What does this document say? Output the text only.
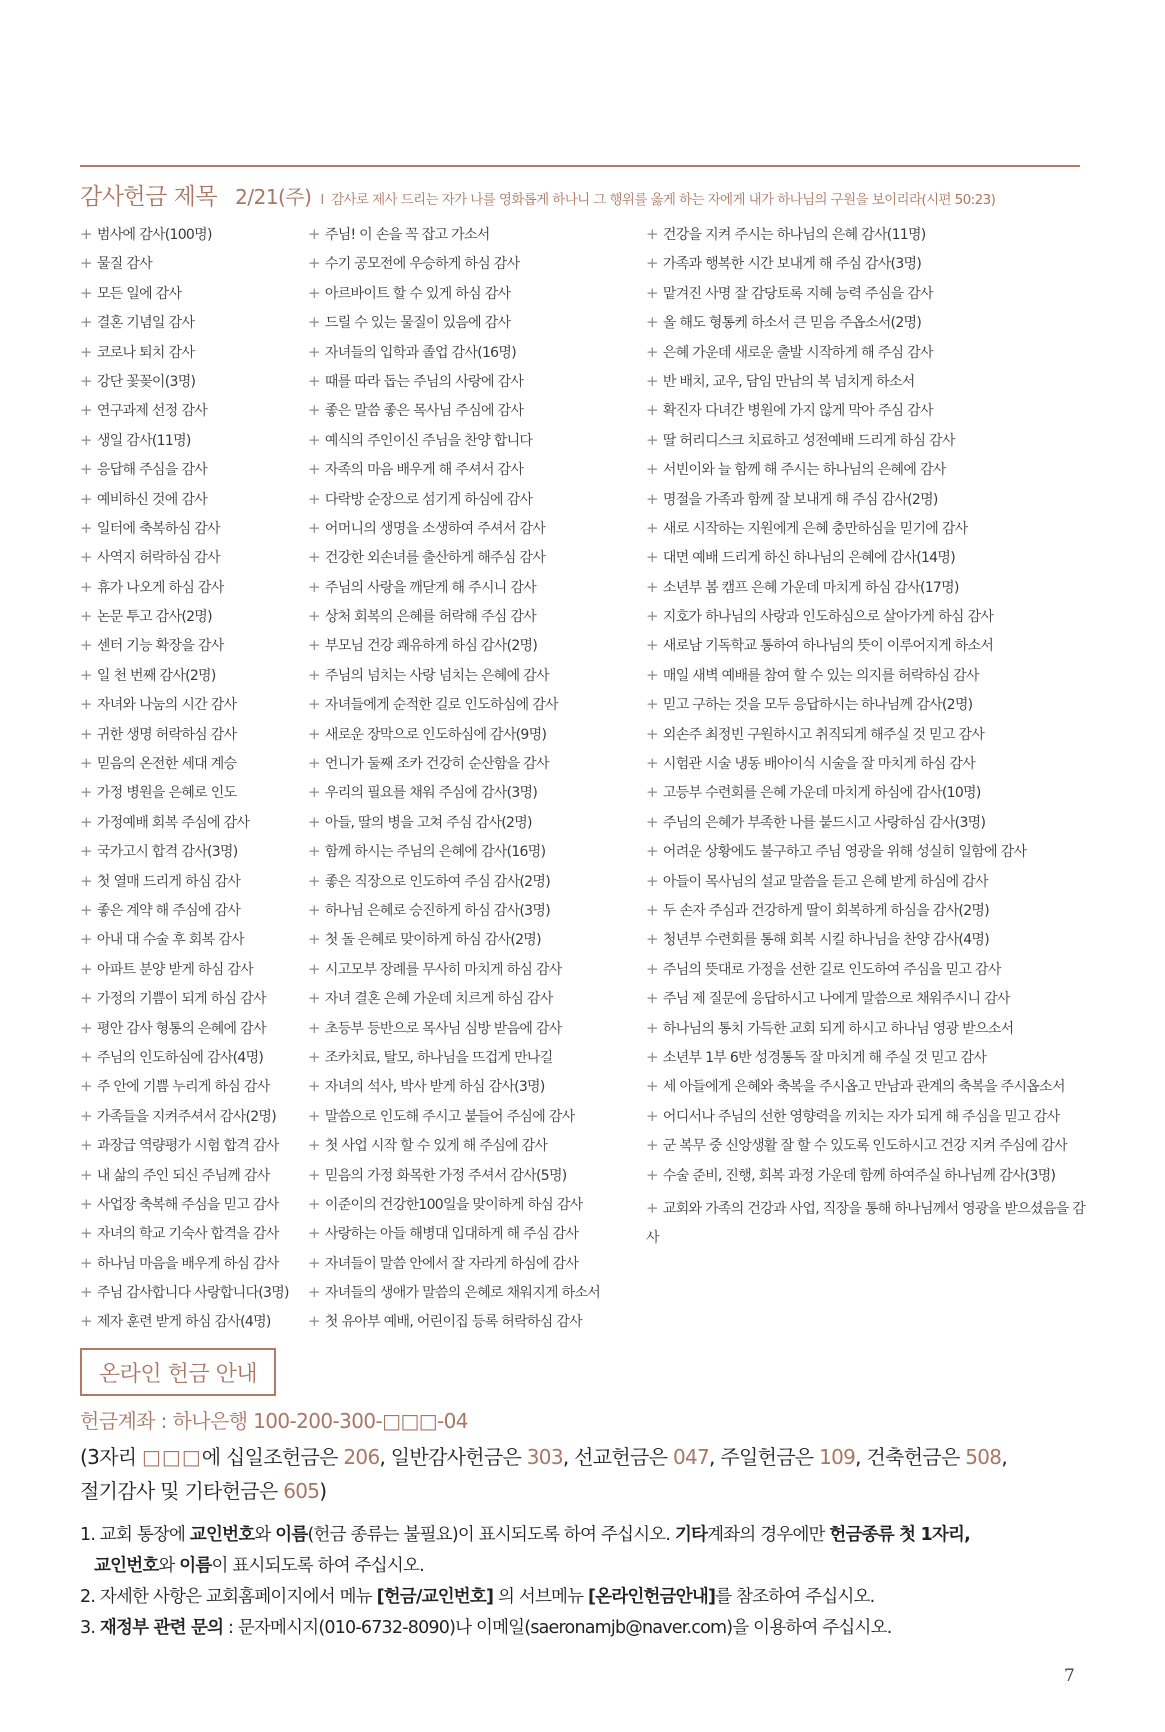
감사헌금 제목 2/21(주) l 감사로 제사 드리는 자가 나를 영화롭게 하나니 그 행위를 옳게 하는 자에게 내가 하나님의 구원을 보이리라(시편 50:23)
+ 범사에 감사(100명)
+ 물질 감사
+ 모든 일에 감사
+ 결혼 기념일 감사
+ 코로나 퇴치 감사
+ 강단 꽃꽂이(3명)
+ 연구과제 선정 감사
+ 생일 감사(11명)
+ 응답해 주심을 감사
+ 예비하신 것에 감사
+ 일터에 축복하심 감사
+ 사역지 허락하심 감사
+ 휴가 나오게 하심 감사
+ 논문 투고 감사(2명)
+ 센터 기능 확장을 감사
+ 일 천 번째 감사(2명)
+ 자녀와 나눔의 시간 감사
+ 귀한 생명 허락하심 감사
+ 믿음의 온전한 세대 계승
+ 가정 병원을 은혜로 인도
+ 가정예배 회복 주심에 감사
+ 국가고시 합격 감사(3명)
+ 첫 열매 드리게 하심 감사
+ 좋은 계약 해 주심에 감사
+ 아내 대 수술 후 회복 감사
+ 아파트 분양 받게 하심 감사
+ 가정의 기쁨이 되게 하심 감사
+ 평안 감사 형통의 은혜에 감사
+ 주님의 인도하심에 감사(4명)
+ 주 안에 기쁨 누리게 하심 감사
+ 가족들을 지켜주셔서 감사(2명)
+ 과장급 역량평가 시험 합격 감사
+ 내 삶의 주인 되신 주님께 감사
+ 사업장 축복해 주심을 믿고 감사
+ 자녀의 학교 기숙사 합격을 감사
+ 하나님 마음을 배우게 하심 감사
+ 주님 감사합니다 사랑합니다(3명)
+ 제자 훈련 받게 하심 감사(4명)
+ 주님! 이 손을 꼭 잡고 가소서
+ 수기 공모전에 우승하게 하심 감사
+ 아르바이트 할 수 있게 하심 감사
+ 드릴 수 있는 물질이 있음에 감사
+ 자녀들의 입학과 졸업 감사(16명)
+ 때를 따라 돕는 주님의 사랑에 감사
+ 좋은 말씀 좋은 목사님 주심에 감사
+ 예식의 주인이신 주님을 찬양 합니다
+ 자족의 마음 배우게 해 주셔서 감사
+ 다락방 순장으로 섬기게 하심에 감사
+ 어머니의 생명을 소생하여 주셔서 감사
+ 건강한 외손녀를 출산하게 해주심 감사
+ 주님의 사랑을 깨닫게 해 주시니 감사
+ 상처 회복의 은혜를 허락해 주심 감사
+ 부모님 건강 쾌유하게 하심 감사(2명)
+ 주님의 넘치는 사랑 넘치는 은혜에 감사
+ 자녀들에게 순적한 길로 인도하심에 감사
+ 새로운 장막으로 인도하심에 감사(9명)
+ 언니가 둘째 조카 건강히 순산함을 감사
+ 우리의 필요를 채워 주심에 감사(3명)
+ 아들, 딸의 병을 고쳐 주심 감사(2명)
+ 함께 하시는 주님의 은혜에 감사(16명)
+ 좋은 직장으로 인도하여 주심 감사(2명)
+ 하나님 은혜로 승진하게 하심 감사(3명)
+ 첫 돌 은혜로 맞이하게 하심 감사(2명)
+ 시고모부 장례를 무사히 마치게 하심 감사
+ 자녀 결혼 은혜 가운데 치르게 하심 감사
+ 초등부 등반으로 목사님 심방 받음에 감사
+ 조카치료, 탈모, 하나님을 뜨겁게 만나길
+ 자녀의 석사, 박사 받게 하심 감사(3명)
+ 말씀으로 인도해 주시고 붙들어 주심에 감사
+ 첫 사업 시작 할 수 있게 해 주심에 감사
+ 믿음의 가정 화목한 가정 주셔서 감사(5명)
+ 이준이의 건강한100일을 맞이하게 하심 감사
+ 사랑하는 아들 해병대 입대하게 해 주심 감사
+ 자녀들이 말씀 안에서 잘 자라게 하심에 감사
+ 자녀들의 생애가 말씀의 은혜로 채워지게 하소서
+ 첫 유아부 예배, 어린이집 등록 허락하심 감사
+ 건강을 지켜 주시는 하나님의 은혜 감사(11명)
+ 가족과 행복한 시간 보내게 해 주심 감사(3명)
+ 맡겨진 사명 잘 감당토록 지혜 능력 주심을 감사
+ 올 해도 형통케 하소서 큰 믿음 주옵소서(2명)
+ 은혜 가운데 새로운 출발 시작하게 해 주심 감사
+ 반 배치, 교우, 담임 만남의 복 넘치게 하소서
+ 확진자 다녀간 병원에 가지 않게 막아 주심 감사
+ 딸 허리디스크 치료하고 성전예배 드리게 하심 감사
+ 서빈이와 늘 함께 해 주시는 하나님의 은혜에 감사
+ 명절을 가족과 함께 잘 보내게 해 주심 감사(2명)
+ 새로 시작하는 지원에게 은혜 충만하심을 믿기에 감사
+ 대면 예배 드리게 하신 하나님의 은혜에 감사(14명)
+ 소년부 봄 캠프 은혜 가운데 마치게 하심 감사(17명)
+ 지호가 하나님의 사랑과 인도하심으로 살아가게 하심 감사
+ 새로남 기독학교 통하여 하나님의 뜻이 이루어지게 하소서
+ 매일 새벽 예배를 참여 할 수 있는 의지를 허락하심 감사
+ 믿고 구하는 것을 모두 응답하시는 하나님께 감사(2명)
+ 외손주 최정빈 구원하시고 취직되게 해주실 것 믿고 감사
+ 시험관 시술 냉동 배아이식 시술을 잘 마치게 하심 감사
+ 고등부 수련회를 은혜 가운데 마치게 하심에 감사(10명)
+ 주님의 은혜가 부족한 나를 붙드시고 사랑하심 감사(3명)
+ 어려운 상황에도 불구하고 주님 영광을 위해 성실히 일함에 감사
+ 아들이 목사님의 설교 말씀을 듣고 은혜 받게 하심에 감사
+ 두 손자 주심과 건강하게 딸이 회복하게 하심을 감사(2명)
+ 청년부 수련회를 통해 회복 시킬 하나님을 찬양 감사(4명)
+ 주님의 뜻대로 가정을 선한 길로 인도하여 주심을 믿고 감사
+ 주님 제 질문에 응답하시고 나에게 말씀으로 채워주시니 감사
+ 하나님의 통치 가득한 교회 되게 하시고 하나님 영광 받으소서
+ 소년부 1부 6반 성경통독 잘 마치게 해 주실 것 믿고 감사
+ 세 아들에게 은혜와 축복을 주시옵고 만남과 관계의 축복을 주시옵소서
+ 어디서나 주님의 선한 영향력을 끼치는 자가 되게 해 주심을 믿고 감사
+ 군 복무 중 신앙생활 잘 할 수 있도록 인도하시고 건강 지켜 주심에 감사
+ 수술 준비, 진행, 회복 과정 가운데 함께 하여주실 하나님께 감사(3명)
+ 교회와 가족의 건강과 사업, 직장을 통해 하나님께서 영광을 받으셨음을 감사
온라인 헌금 안내
헌금계좌 : 하나은행 100-200-300-□□□-04
(3자리 □□□에 십일조헌금은 206, 일반감사헌금은 303, 선교헌금은 047, 주일헌금은 109, 건축헌금은 508,
절기감사 및 기타헌금은 605)
1. 교회 통장에 교인번호와 이름(헌금 종류는 불필요)이 표시되도록 하여 주십시오. 기타계좌의 경우에만 헌금종류 첫 1자리,
교인번호와 이름이 표시되도록 하여 주십시오.
2. 자세한 사항은 교회홈페이지에서 메뉴 [헌금/교인번호] 의 서브메뉴 [온라인헌금안내]를 참조하여 주십시오.
3. 재정부 관련 문의 : 문자메시지(010-6732-8090)나 이메일(saeronamjb@naver.com)을 이용하여 주십시오.
7
